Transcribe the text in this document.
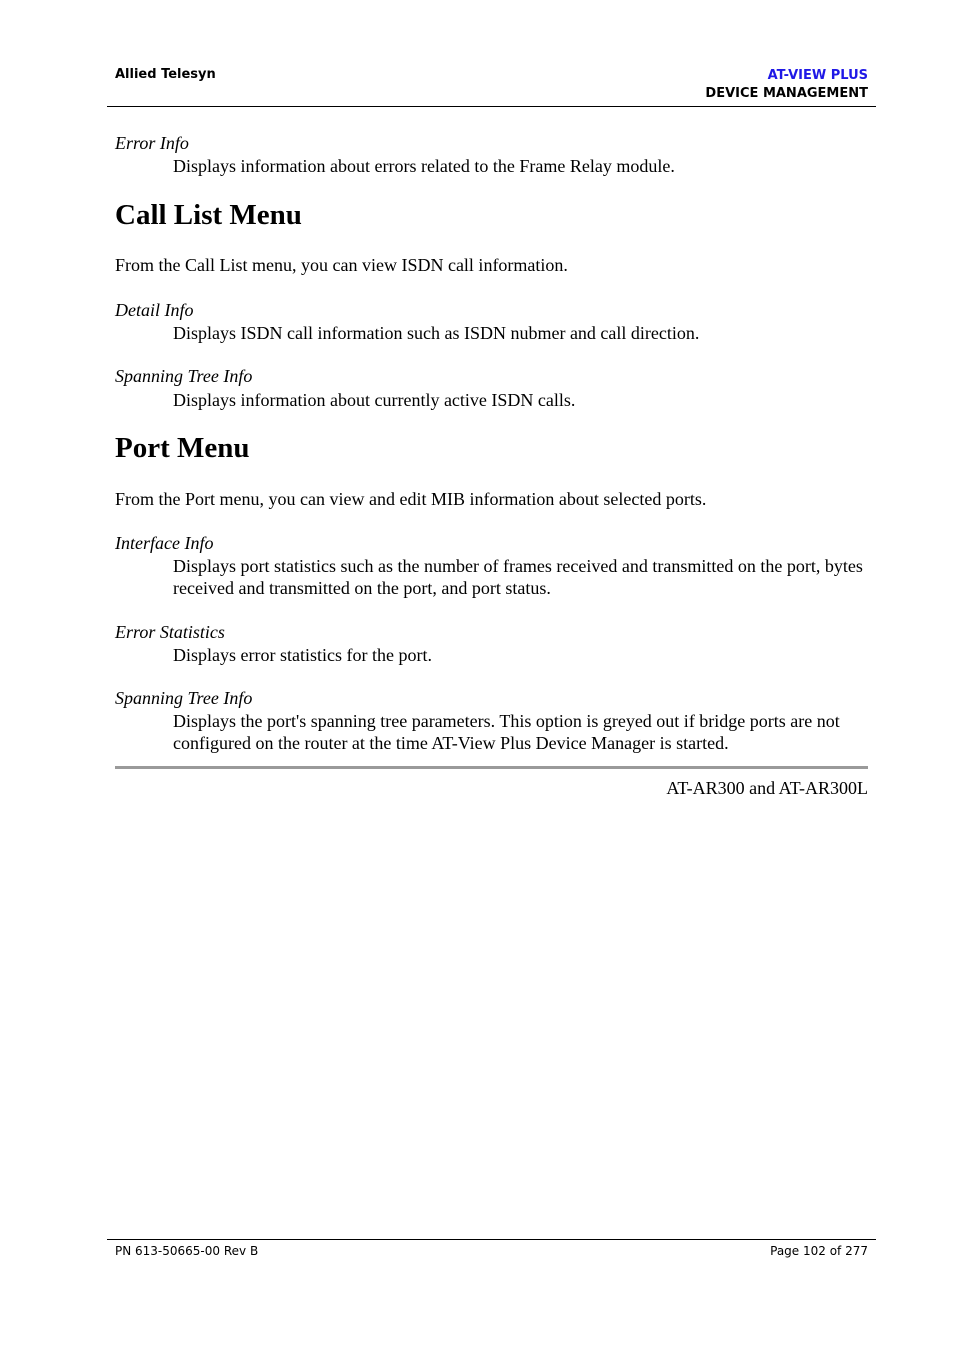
Allied Telesyn	AT-VIEW PLUS
DEVICE MANAGEMENT
Error Info
Displays information about errors related to the Frame Relay module.
Call List Menu
From the Call List menu, you can view ISDN call information.
Detail Info
Displays ISDN call information such as ISDN nubmer and call direction.
Spanning Tree Info
Displays information about currently active ISDN calls.
Port Menu
From the Port menu, you can view and edit MIB information about selected ports.
Interface Info
Displays port statistics such as the number of frames received and transmitted on the port, bytes received and transmitted on the port, and port status.
Error Statistics
Displays error statistics for the port.
Spanning Tree Info
Displays the port's spanning tree parameters. This option is greyed out if bridge ports are not configured on the router at the time AT-View Plus Device Manager is started.
AT-AR300 and AT-AR300L
PN 613-50665-00 Rev B	Page 102 of 277
